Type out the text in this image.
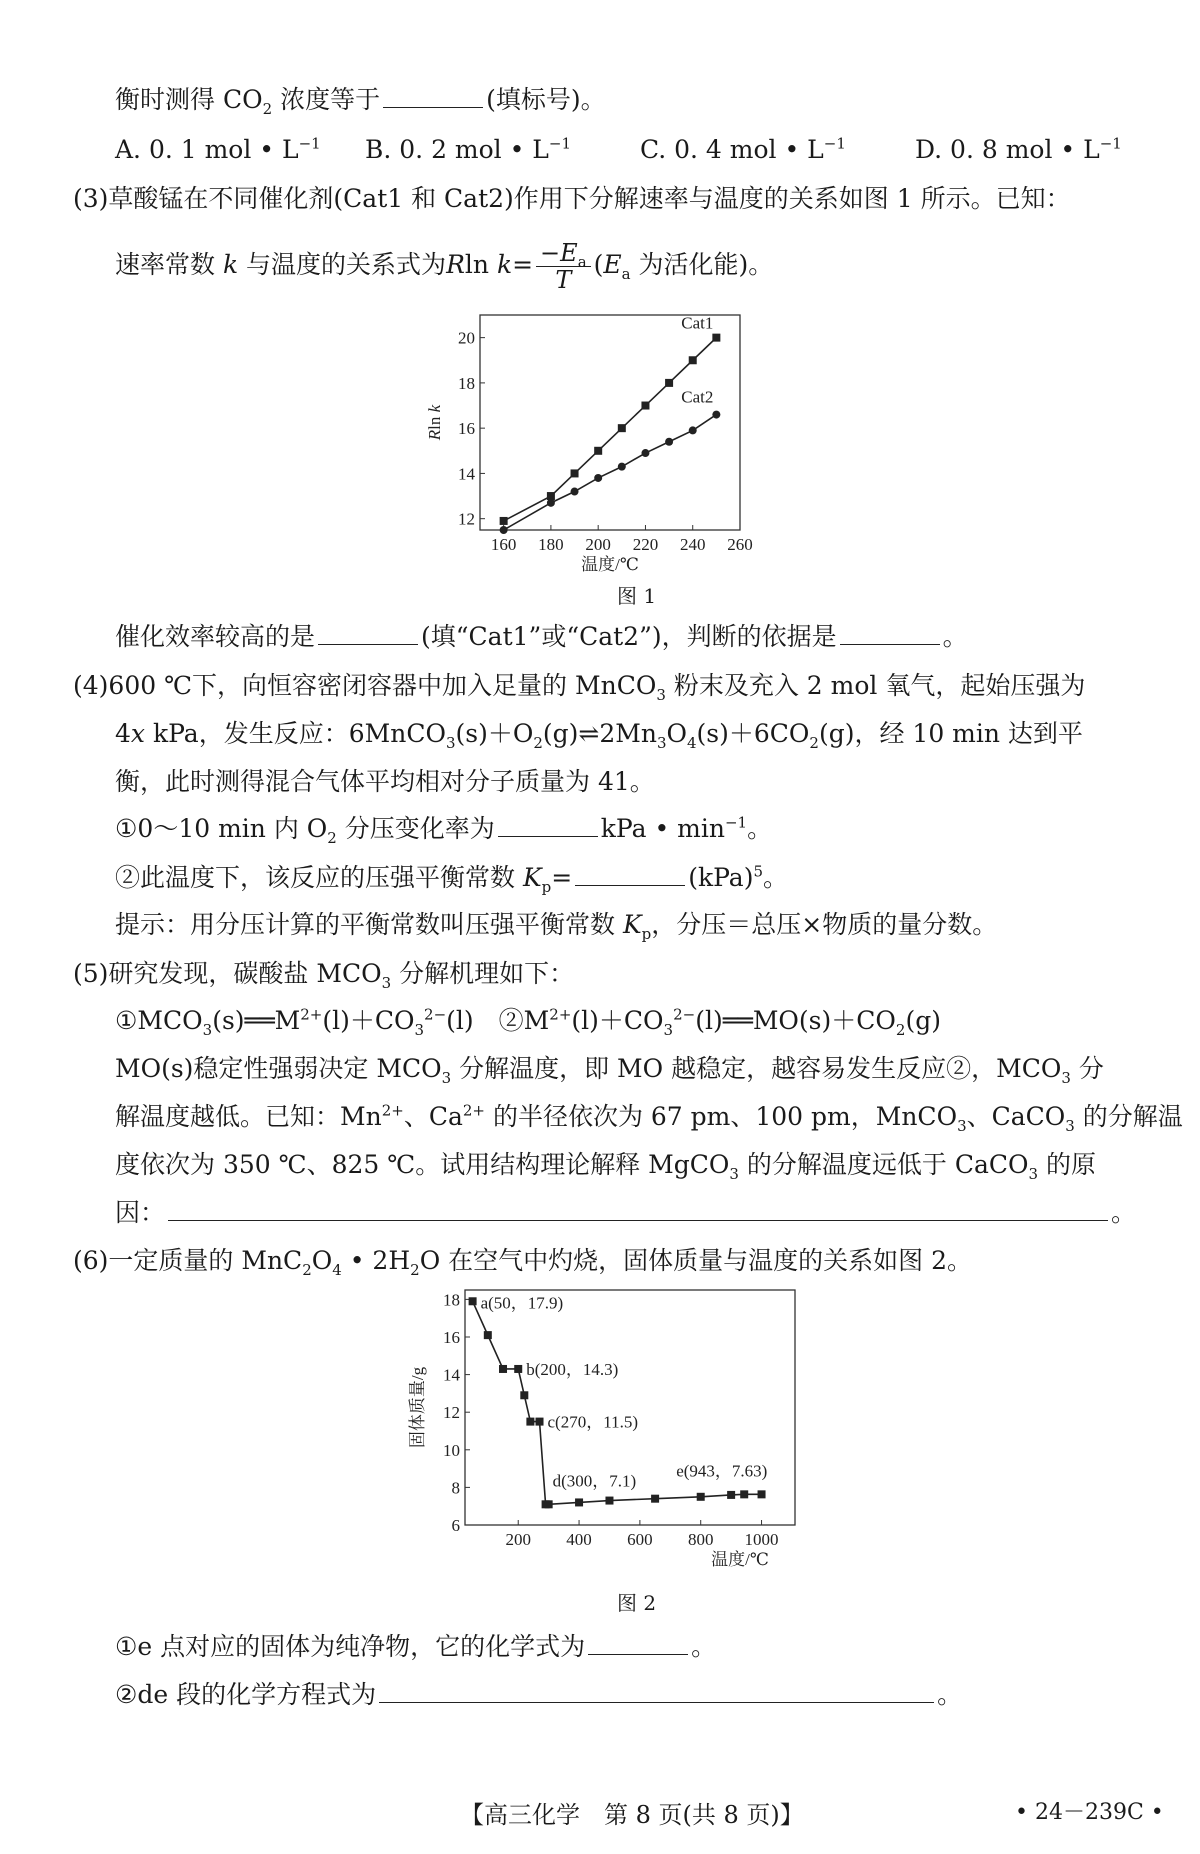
衡时测得 $CO_2$ 浓度等于	(填标号)。
A. 0. 1 mol • $L^{-1}$ B. 0. 2 mol • $L^{-1}$	C. 0. 4 mol • $L^{-1}$	D. 0. 8 mol • $L^{-1}$
(3)草酸锰在不同催化剂(Cat1 和 Cat2)作用下分解速率与温度的关系如图 1 所示。已知：
速率常数 k 与温度的关系式为Rln $k= \frac{-E_a}{T} (E_a$ 为活化能)。
160 180 200 220 240 260
12
14
16
18
20
温度/℃
Rln k
Cat1
Cat2
图 1
催化效率较高的是	(填“Cat1”或“Cat2”)，判断的依据是	。
(4)600 ℃下，向恒容密闭容器中加入足量的 MnCO$_3$ 粉末及充入 2 mol 氧气，起始压强为
4x kPa，发生反应：$6MnCO_3(s)+O_2(g)\rightleftharpoons 2Mn_3O_4(s)+6CO_2(g)$，经 10 min 达到平
衡，此时测得混合气体平均相对分子质量为 41。
①0～10 min 内 $O_2$ 分压变化率为	kPa • $\min^{-1}$。
②此温度下，该反应的压强平衡常数 $K_p=$	(kPa)$^5$。
提示：用分压计算的平衡常数叫压强平衡常数 $K_p$，分压＝总压×物质的量分数。
(5)研究发现，碳酸盐 $MCO_3$ 分解机理如下：
$①MCO_3(s)══M^{2+}(l)+CO_3^{2-}(l)$　$②M^{2+}(l)+CO_3^{2-}(l)══MO(s)+CO_2(g)$
MO(s)稳定性强弱决定 $MCO_3$ 分解温度，即 MO 越稳定，越容易发生反应②，$MCO_3$ 分
解温度越低。已知：$Mn^{2+}$、$Ca^{2+}$ 的半径依次为 67 pm、100 pm，MnCO$_3$、CaCO$_3$ 的分解温
度依次为 350 ℃、825 ℃。试用结构理论解释 MgCO$_3$ 的分解温度远低于 CaCO$_3$ 的原
因：	。
(6)一定质量的 $MnC_2O_4$ • $2H_2O$ 在空气中灼烧，固体质量与温度的关系如图 2。
200 400 600 800 1000
6
8
10
12
14
16
18
温度/℃
固体质量/g
a(50，17.9)
b(200，14.3)
c(270，11.5)
d(300，7.1)
e(943，7.63)
图 2
①e 点对应的固体为纯净物，它的化学式为	。
②de 段的化学方程式为	。
【高三化学　第 8 页(共 8 页)】	• 24－239C •
